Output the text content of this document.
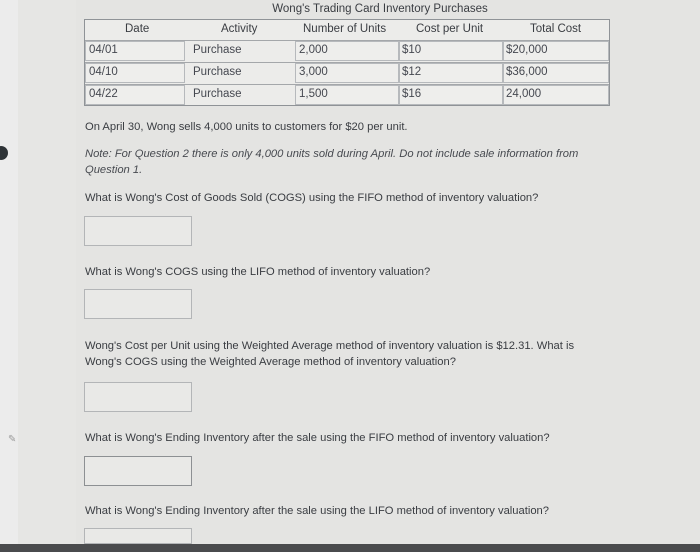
✎
Wong's Trading Card Inventory Purchases
Date	Activity	Number of Units	Cost per Unit	Total Cost
04/01	Purchase	2,000	$10	$20,000
04/10	Purchase	3,000	$12	$36,000
04/22	Purchase	1,500	$16	24,000
On April 30, Wong sells 4,000 units to customers for $20 per unit.
Note: For Question 2 there is only 4,000 units sold during April. Do not include sale information from
Question 1.
What is Wong's Cost of Goods Sold (COGS) using the FIFO method of inventory valuation?
What is Wong's COGS using the LIFO method of inventory valuation?
Wong's Cost per Unit using the Weighted Average method of inventory valuation is $12.31. What is
Wong's COGS using the Weighted Average method of inventory valuation?
What is Wong's Ending Inventory after the sale using the FIFO method of inventory valuation?
What is Wong's Ending Inventory after the sale using the LIFO method of inventory valuation?
